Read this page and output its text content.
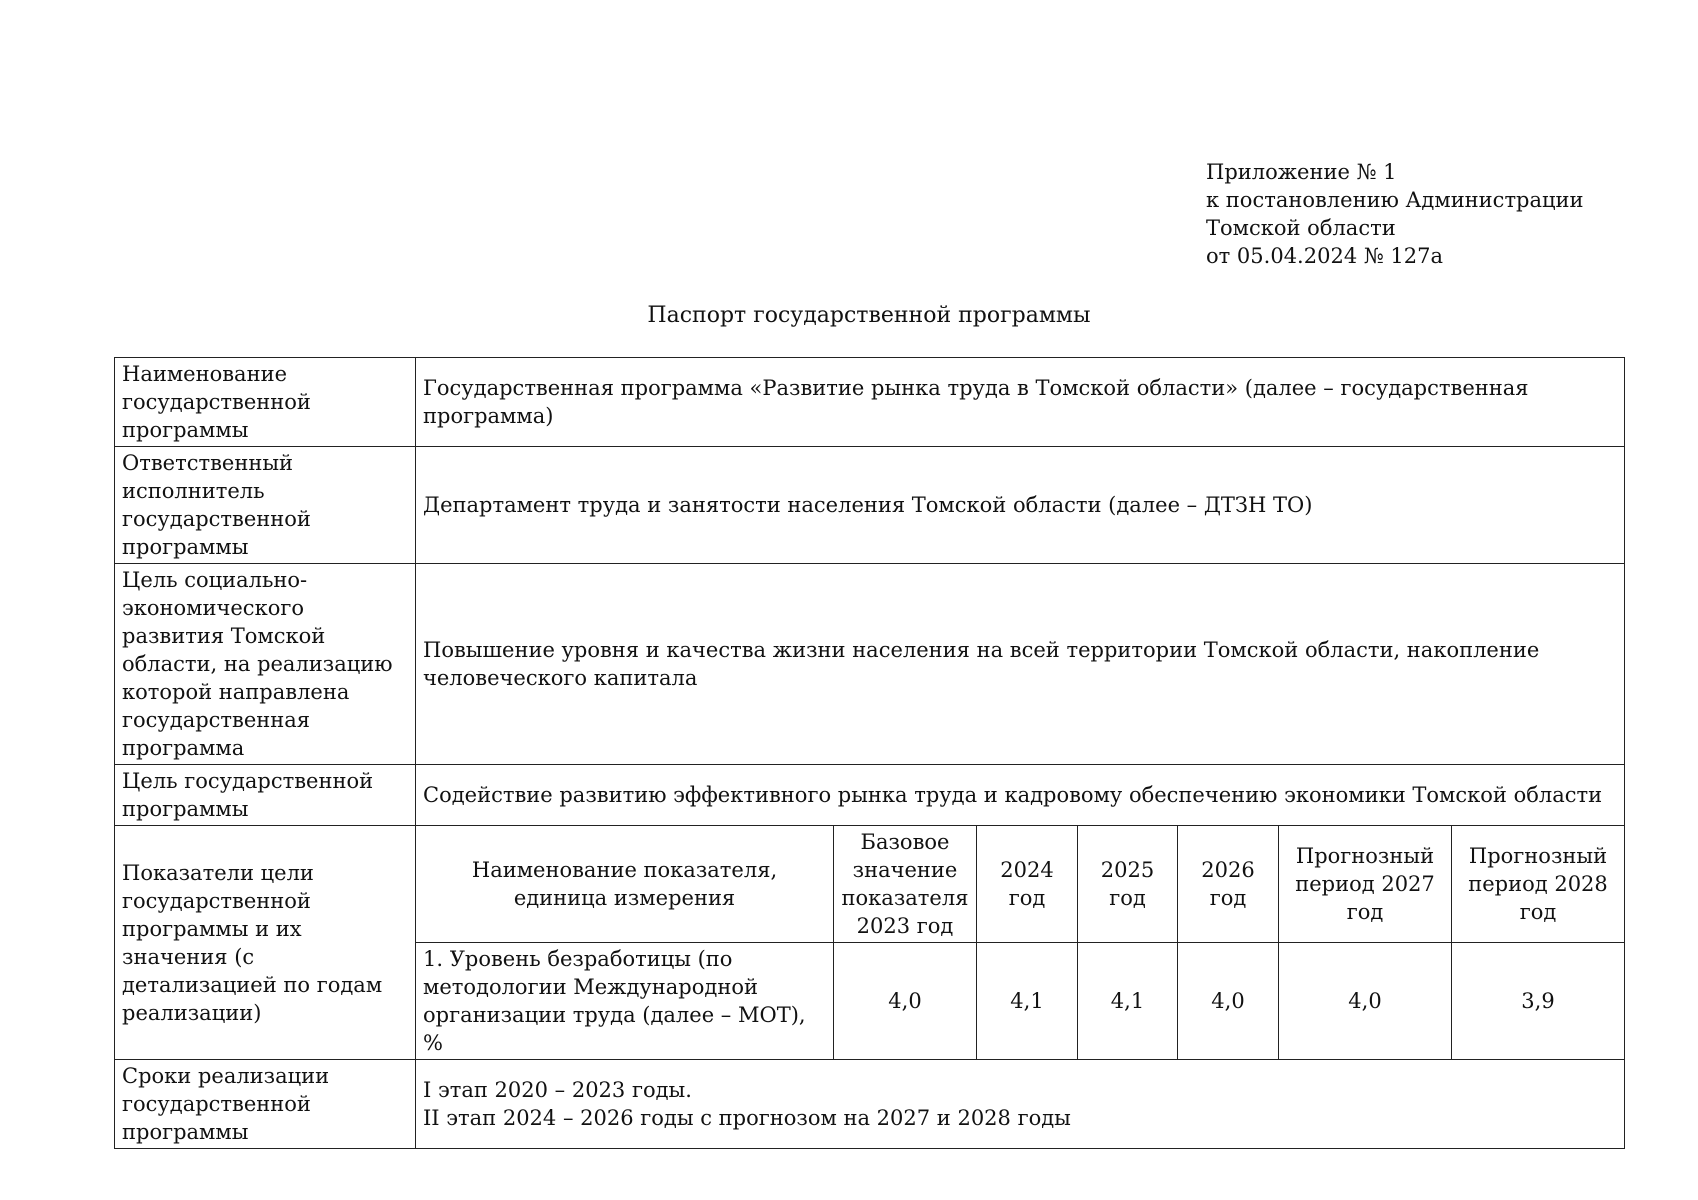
Приложение № 1
к постановлению Администрации
Томской области
от 05.04.2024 № 127а
Паспорт государственной программы
Наименование государственной программы	Государственная программа «Развитие рынка труда в Томской области» (далее – государственная программа)						
Ответственный исполнитель государственной программы	Департамент труда и занятости населения Томской области (далее – ДТЗН ТО)						
Цель социально-экономического развития Томской области, на реализацию которой направлена государственная программа	Повышение уровня и качества жизни населения на всей территории Томской области, накопление человеческого капитала						
Цель государственной программы	Содействие развитию эффективного рынка труда и кадровому обеспечению экономики Томской области						
Показатели цели государственной программы и их значения (с детализацией по годам реализации)	Наименование показателя, единица измерения	Базовое значение показателя 2023 год	2024 год	2025 год	2026 год	Прогнозный период 2027 год	Прогнозный период 2028 год
	1. Уровень безработицы (по методологии Международной организации труда (далее – МОТ), %	4,0	4,1	4,1	4,0	4,0	3,9
Сроки реализации государственной программы	I этап 2020 – 2023 годы.
II этап 2024 – 2026 годы с прогнозом на 2027 и 2028 годы						
